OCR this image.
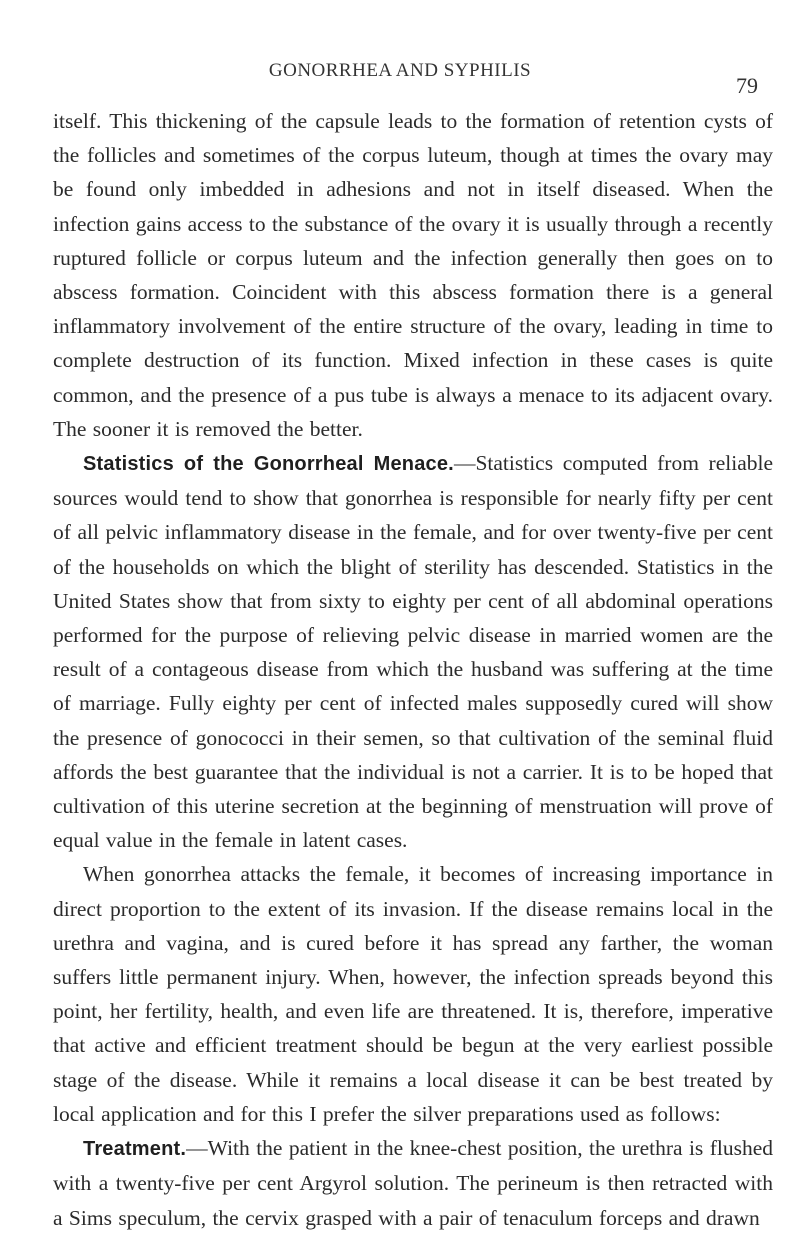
GONORRHEA AND SYPHILIS
79

itself. This thickening of the capsule leads to the formation of retention cysts of the follicles and sometimes of the corpus luteum, though at times the ovary may be found only imbedded in adhesions and not in itself diseased. When the infection gains access to the substance of the ovary it is usually through a recently ruptured follicle or corpus luteum and the infection generally then goes on to abscess formation. Coincident with this abscess formation there is a general inflammatory involvement of the entire structure of the ovary, leading in time to complete destruction of its function. Mixed infection in these cases is quite common, and the presence of a pus tube is always a menace to its adjacent ovary. The sooner it is removed the better.

Statistics of the Gonorrheal Menace.—Statistics computed from reliable sources would tend to show that gonorrhea is responsible for nearly fifty per cent of all pelvic inflammatory disease in the female, and for over twenty-five per cent of the households on which the blight of sterility has descended. Statistics in the United States show that from sixty to eighty per cent of all abdominal operations performed for the purpose of relieving pelvic disease in married women are the result of a contageous disease from which the husband was suffering at the time of marriage. Fully eighty per cent of infected males supposedly cured will show the presence of gonococci in their semen, so that cultivation of the seminal fluid affords the best guarantee that the individual is not a carrier. It is to be hoped that cultivation of this uterine secretion at the beginning of menstruation will prove of equal value in the female in latent cases.

When gonorrhea attacks the female, it becomes of increasing importance in direct proportion to the extent of its invasion. If the disease remains local in the urethra and vagina, and is cured before it has spread any farther, the woman suffers little permanent injury. When, however, the infection spreads beyond this point, her fertility, health, and even life are threatened. It is, therefore, imperative that active and efficient treatment should be begun at the very earliest possible stage of the disease. While it remains a local disease it can be best treated by local application and for this I prefer the silver preparations used as follows:

Treatment.—With the patient in the knee-chest position, the urethra is flushed with a twenty-five per cent Argyrol solution. The perineum is then retracted with a Sims speculum, the cervix grasped with a pair of tenaculum forceps and drawn
